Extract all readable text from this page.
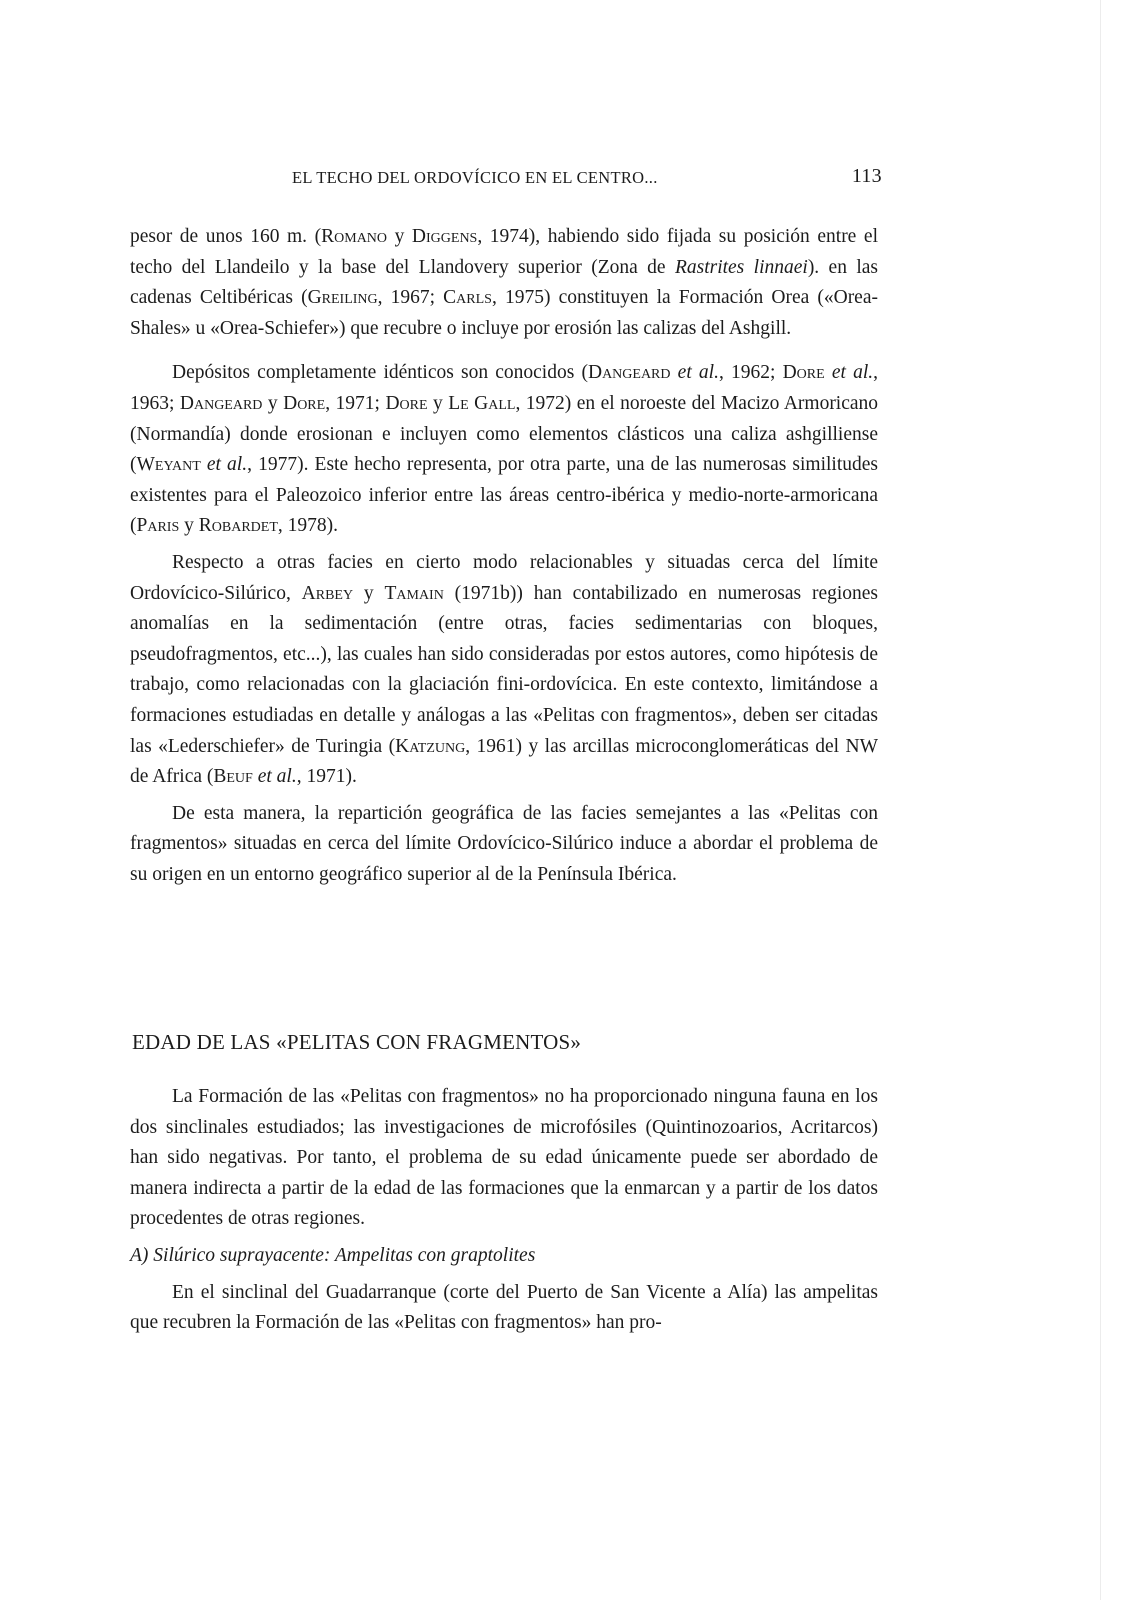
EL TECHO DEL ORDOVÍCICO EN EL CENTRO...	113

pesor de unos 160 m. (Romano y Diggens, 1974), habiendo sido fijada su posición entre el techo del Llandeilo y la base del Llandovery superior (Zona de Rastrites linnaei). en las cadenas Celtibéricas (Greiling, 1967; Carls, 1975) constituyen la Formación Orea («Orea-Shales» u «Orea-Schiefer») que recubre o incluye por erosión las calizas del Ashgill.

Depósitos completamente idénticos son conocidos (Dangeard et al., 1962; Dore et al., 1963; Dangeard y Dore, 1971; Dore y Le Gall, 1972) en el noroeste del Macizo Armoricano (Normandía) donde erosionan e incluyen como elementos clásticos una caliza ashgilliense (Weyant et al., 1977). Este hecho representa, por otra parte, una de las numerosas similitudes existentes para el Paleozoico inferior entre las áreas centro-ibérica y medio-norte-armoricana (Paris y Robardet, 1978).

Respecto a otras facies en cierto modo relacionables y situadas cerca del límite Ordovícico-Silúrico, Arbey y Tamain (1971b)) han contabilizado en numerosas regiones anomalías en la sedimentación (entre otras, facies sedimentarias con bloques, pseudofragmentos, etc...), las cuales han sido consideradas por estos autores, como hipótesis de trabajo, como relacionadas con la glaciación fini-ordovícica. En este contexto, limitándose a formaciones estudiadas en detalle y análogas a las «Pelitas con fragmentos», deben ser citadas las «Lederschiefer» de Turingia (Katzung, 1961) y las arcillas microconglomeráticas del NW de Africa (Beuf et al., 1971).

De esta manera, la repartición geográfica de las facies semejantes a las «Pelitas con fragmentos» situadas en cerca del límite Ordovícico-Silúrico induce a abordar el problema de su origen en un entorno geográfico superior al de la Península Ibérica.

EDAD DE LAS «PELITAS CON FRAGMENTOS»

La Formación de las «Pelitas con fragmentos» no ha proporcionado ninguna fauna en los dos sinclinales estudiados; las investigaciones de microfósiles (Quintinozoarios, Acritarcos) han sido negativas. Por tanto, el problema de su edad únicamente puede ser abordado de manera indirecta a partir de la edad de las formaciones que la enmarcan y a partir de los datos procedentes de otras regiones.

A) Silúrico suprayacente: Ampelitas con graptolites

En el sinclinal del Guadarranque (corte del Puerto de San Vicente a Alía) las ampelitas que recubren la Formación de las «Pelitas con fragmentos» han pro-
